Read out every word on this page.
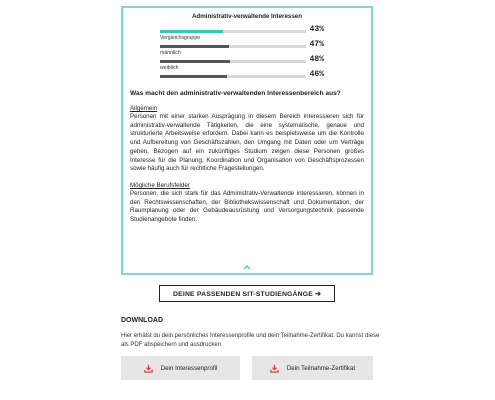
Administrativ-verwaltende Interessen
43%
Vergleichsgruppe
47%
männlich
48%
weiblich
46%
Was macht den administrativ-verwaltenden Interessenbereich aus?
Allgemein

Personen mit einer starken Ausprägung in diesem Bereich interessieren sich für administrativ-verwaltende Tätigkeiten, die eine systematische, genaue und strukturierte Arbeitsweise erfordern. Dabei kann es beispielsweise um die Kontrolle und Aufbereitung von Geschäftszahlen, den Umgang mit Daten oder um Verträge gehen. Bezogen auf ein zukünftiges Studium zeigen diese Personen großes Interesse für die Planung, Koordination und Organisation von Geschäftsprozessen sowie häufig auch für rechtliche Fragestellungen.

Mögliche Berufsfelder

Personen, die sich stark für das Administrativ-Verwaltende interessieren, können in den Rechtswissenschaften, der Bibliothekswissenschaft und Dokumentation, der Raumplanung oder der Gebäudeausrüstung und Versorgungstechnik passende Studienangebote finden.

DEINE PASSENDEN SIT-STUDIENGÄNGE ➔
DOWNLOAD
Hier erhälst du dein persönliches Interessenprofile und dein Teilnahme-Zertifikat. Du kannst diese als PDF abspeichern und ausdrucken
Dein Interessenprofil	Dein Teilnahme-Zertifikat
